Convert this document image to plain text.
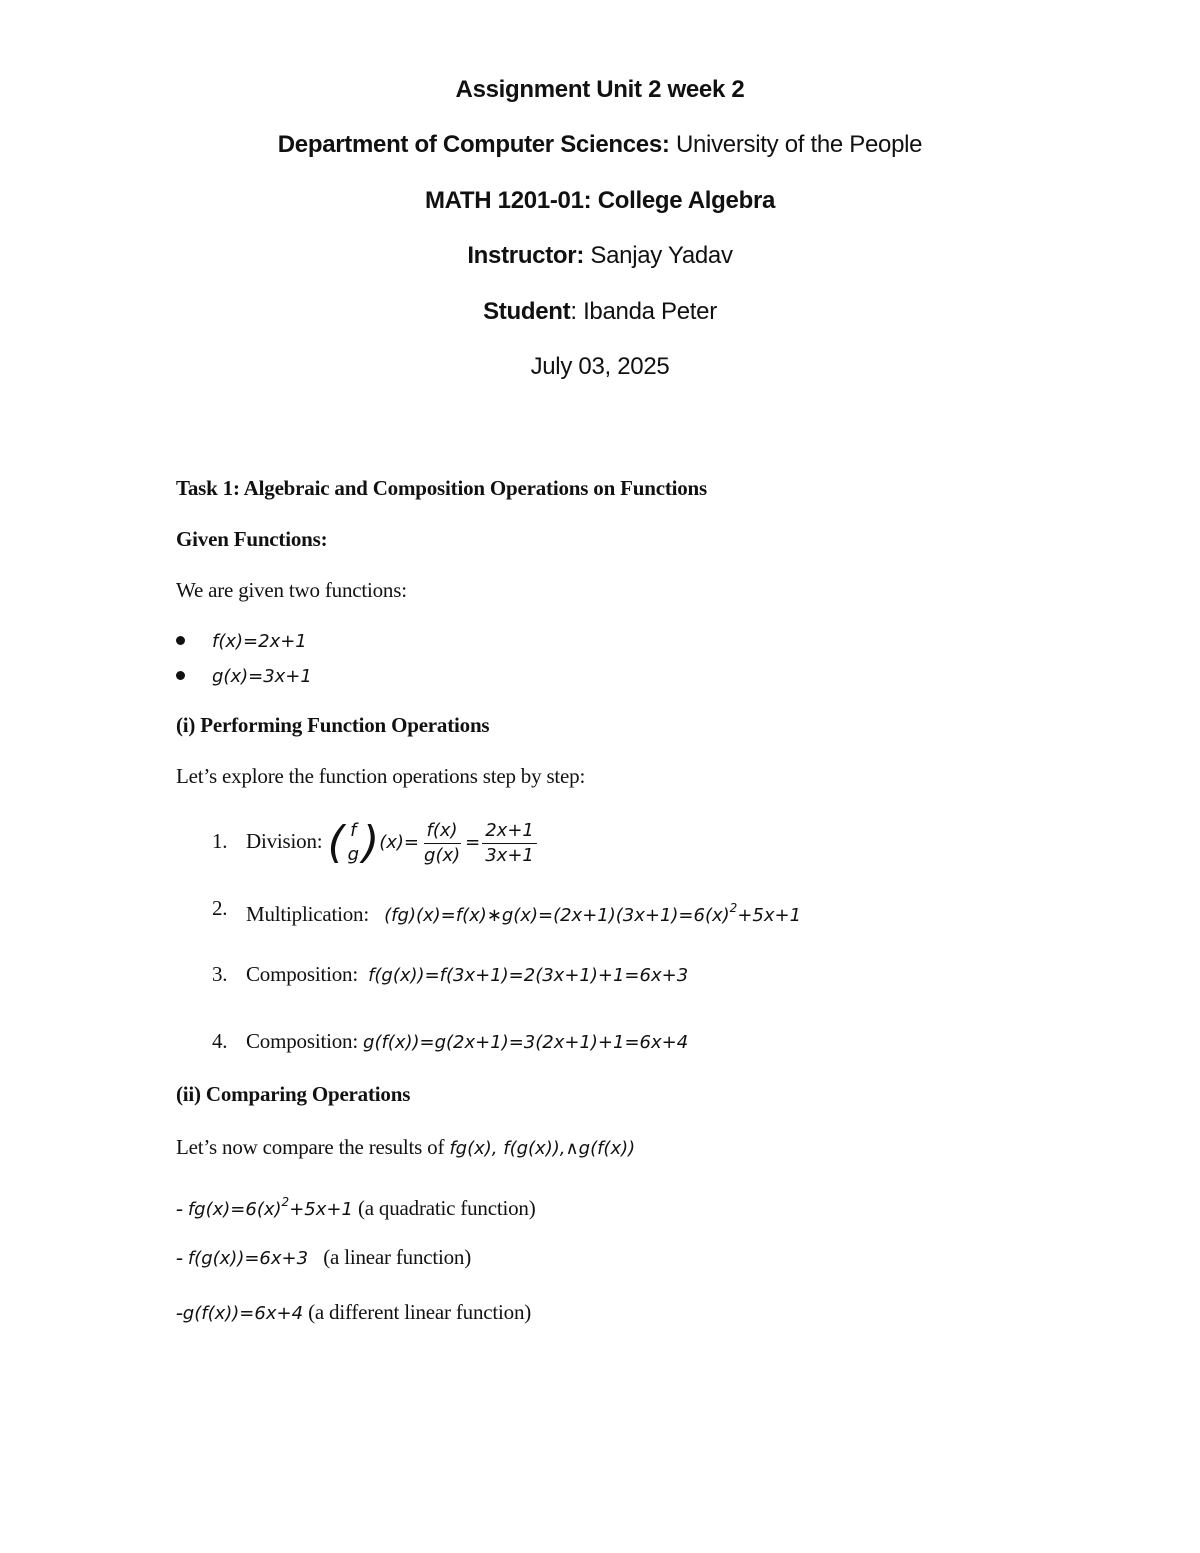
Assignment Unit 2 week 2
Department of Computer Sciences: University of the People
MATH 1201-01: College Algebra
Instructor: Sanjay Yadav
Student: Ibanda Peter
July 03, 2025

Task 1: Algebraic and Composition Operations on Functions

Given Functions:

We are given two functions:

f(x)=2x+1
g(x)=3x+1

(i) Performing Function Operations

Let’s explore the function operations step by step:

1. Division: ( f
g )$(x)= \frac{f(x)}{g(x)} = \frac{2x+1}{3x+1}$
2. Multiplication: $(fg)(x)=f(x)∗g(x)=(2x+1)(3x+1)=6(x)^2+5x+1$
3. Composition: f(g(x))=f(3x+1)=2(3x+1)+1=6x+3
4. Composition: g(f(x))=g(2x+1)=3(2x+1)+1=6x+4

(ii) Comparing Operations

Let’s now compare the results of fg(x), f(g(x)),∧g(f(x))

- $fg(x)=6(x)^2+5x+1$ (a quadratic function)

- f(g(x))=6x+3   (a linear function)

-g(f(x))=6x+4 (a different linear function)
